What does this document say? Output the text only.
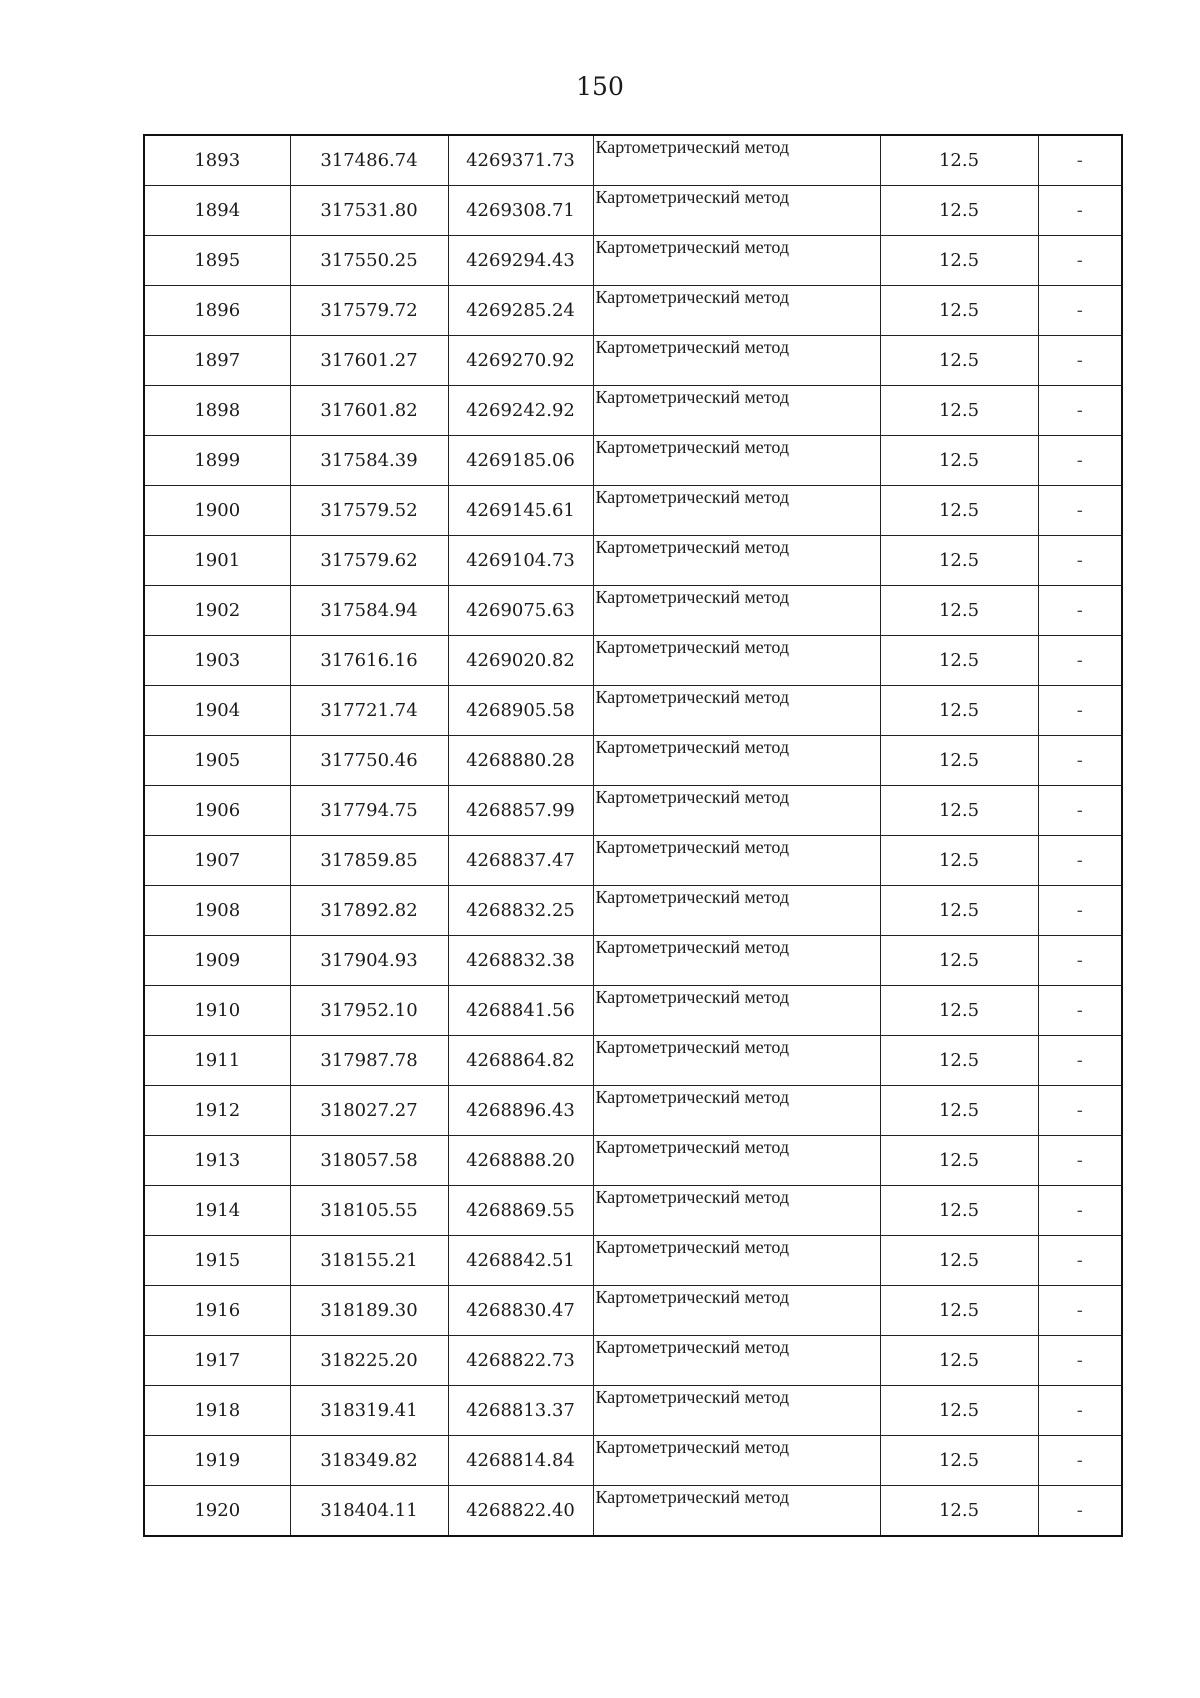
150
1893	317486.74	4269371.73	Картометрический метод	12.5	-
1894	317531.80	4269308.71	Картометрический метод	12.5	-
1895	317550.25	4269294.43	Картометрический метод	12.5	-
1896	317579.72	4269285.24	Картометрический метод	12.5	-
1897	317601.27	4269270.92	Картометрический метод	12.5	-
1898	317601.82	4269242.92	Картометрический метод	12.5	-
1899	317584.39	4269185.06	Картометрический метод	12.5	-
1900	317579.52	4269145.61	Картометрический метод	12.5	-
1901	317579.62	4269104.73	Картометрический метод	12.5	-
1902	317584.94	4269075.63	Картометрический метод	12.5	-
1903	317616.16	4269020.82	Картометрический метод	12.5	-
1904	317721.74	4268905.58	Картометрический метод	12.5	-
1905	317750.46	4268880.28	Картометрический метод	12.5	-
1906	317794.75	4268857.99	Картометрический метод	12.5	-
1907	317859.85	4268837.47	Картометрический метод	12.5	-
1908	317892.82	4268832.25	Картометрический метод	12.5	-
1909	317904.93	4268832.38	Картометрический метод	12.5	-
1910	317952.10	4268841.56	Картометрический метод	12.5	-
1911	317987.78	4268864.82	Картометрический метод	12.5	-
1912	318027.27	4268896.43	Картометрический метод	12.5	-
1913	318057.58	4268888.20	Картометрический метод	12.5	-
1914	318105.55	4268869.55	Картометрический метод	12.5	-
1915	318155.21	4268842.51	Картометрический метод	12.5	-
1916	318189.30	4268830.47	Картометрический метод	12.5	-
1917	318225.20	4268822.73	Картометрический метод	12.5	-
1918	318319.41	4268813.37	Картометрический метод	12.5	-
1919	318349.82	4268814.84	Картометрический метод	12.5	-
1920	318404.11	4268822.40	Картометрический метод	12.5	-
